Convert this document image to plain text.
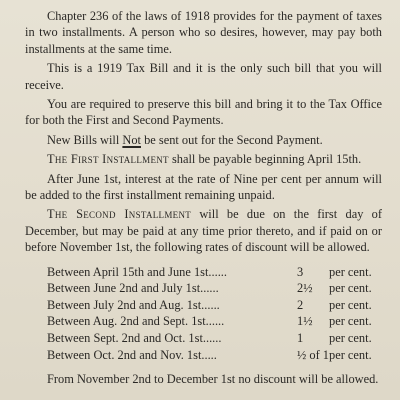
Chapter 236 of the laws of 1918 provides for the payment of taxes in two installments. A person who so desires, however, may pay both installments at the same time.

This is a 1919 Tax Bill and it is the only such bill that you will receive.

You are required to preserve this bill and bring it to the Tax Office for both the First and Second Payments.

New Bills will Not be sent out for the Second Payment.

The First Installment shall be payable beginning April 15th.

After June 1st, interest at the rate of Nine per cent per annum will be added to the first installment remaining unpaid.

The Second Installment will be due on the first day of December, but may be paid at any time prior thereto, and if paid on or before November 1st, the following rates of discount will be allowed.

Between April 15th and June 1st......	3	per cent.
Between June 2nd and July 1st......	2½	per cent.
Between July 2nd and Aug. 1st......	2	per cent.
Between Aug. 2nd and Sept. 1st......	1½	per cent.
Between Sept. 2nd and Oct. 1st......	1	per cent.
Between Oct. 2nd and Nov. 1st.....	½ of 1	per cent.

From November 2nd to December 1st no discount will be allowed.
